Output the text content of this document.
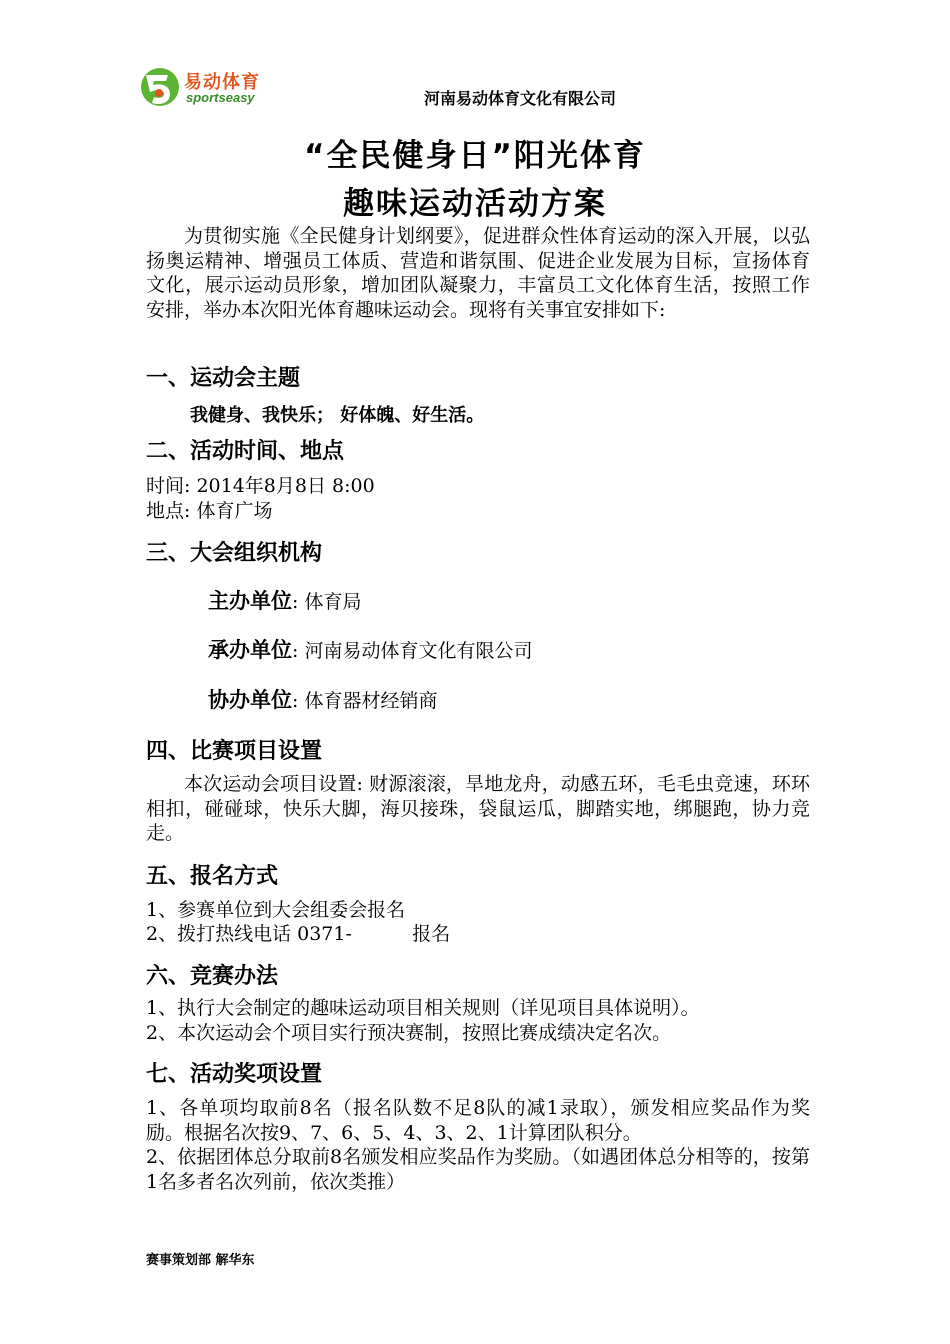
易动体育
sportseasy	河南易动体育文化有限公司
“全民健身日”阳光体育
趣味运动活动方案
为贯彻实施《全民健身计划纲要》，促进群众性体育运动的深入开展，以弘扬奥运精神、增强员工体质、营造和谐氛围、促进企业发展为目标，宣扬体育文化，展示运动员形象，增加团队凝聚力，丰富员工文化体育生活，按照工作安排，举办本次阳光体育趣味运动会。现将有关事宜安排如下:
一、运动会主题
我健身、我快乐； 好体魄、好生活。
二、活动时间、地点
时间: 2014年8月8日 8:00
地点: 体育广场
三、大会组织机构
主办单位: 体育局
承办单位: 河南易动体育文化有限公司
协办单位: 体育器材经销商
四、比赛项目设置
本次运动会项目设置: 财源滚滚，旱地龙舟，动感五环，毛毛虫竞速，环环相扣，碰碰球，快乐大脚，海贝接珠，袋鼠运瓜，脚踏实地，绑腿跑，协力竞走。
五、报名方式
1、参赛单位到大会组委会报名
2、拨打热线电话 0371-          报名
六、竞赛办法
1、执行大会制定的趣味运动项目相关规则（详见项目具体说明）。
2、本次运动会个项目实行预决赛制，按照比赛成绩决定名次。
七、活动奖项设置
1、各单项均取前8名（报名队数不足8队的减1录取），颁发相应奖品作为奖励。根据名次按9、7、6、5、4、3、2、1计算团队积分。
2、依据团体总分取前8名颁发相应奖品作为奖励。（如遇团体总分相等的，按第1名多者名次列前，依次类推）
赛事策划部 解华东
